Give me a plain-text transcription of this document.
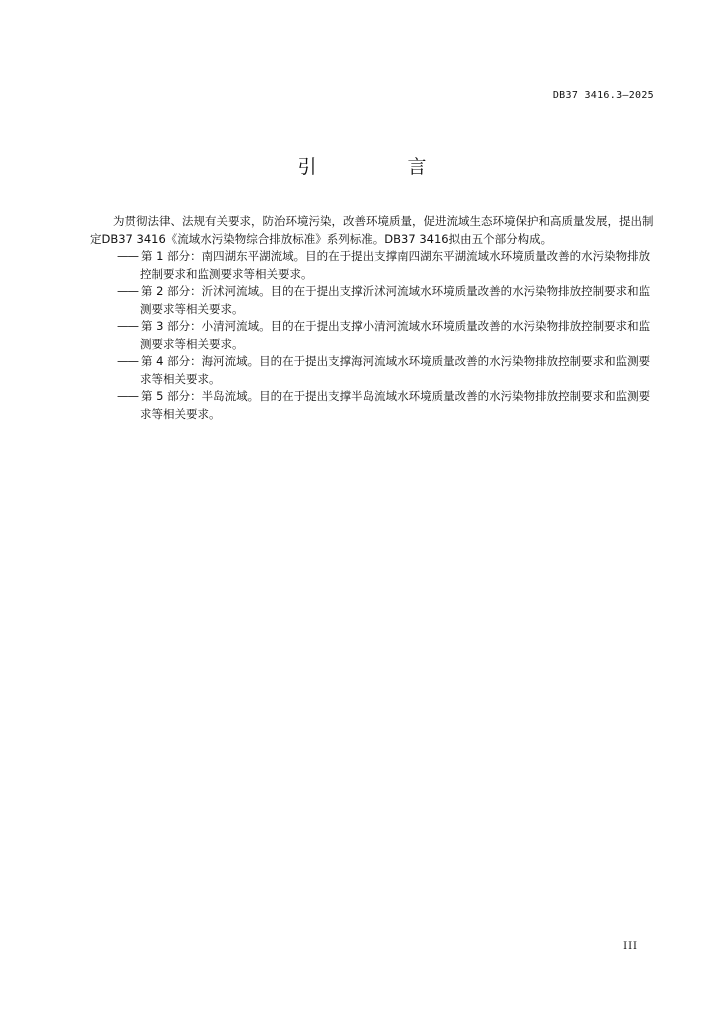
DB37 3416.3—2025
引　言

为贯彻法律、法规有关要求，防治环境污染，改善环境质量，促进流域生态环境保护和高质量发展，提出制定DB37 3416《流域水污染物综合排放标准》系列标准。DB37 3416拟由五个部分构成。

—— 第 1 部分：南四湖东平湖流域。目的在于提出支撑南四湖东平湖流域水环境质量改善的水污染物排放控制要求和监测要求等相关要求。

—— 第 2 部分：沂沭河流域。目的在于提出支撑沂沭河流域水环境质量改善的水污染物排放控制要求和监测要求等相关要求。

—— 第 3 部分：小清河流域。目的在于提出支撑小清河流域水环境质量改善的水污染物排放控制要求和监测要求等相关要求。

—— 第 4 部分：海河流域。目的在于提出支撑海河流域水环境质量改善的水污染物排放控制要求和监测要求等相关要求。

—— 第 5 部分：半岛流域。目的在于提出支撑半岛流域水环境质量改善的水污染物排放控制要求和监测要求等相关要求。

III
